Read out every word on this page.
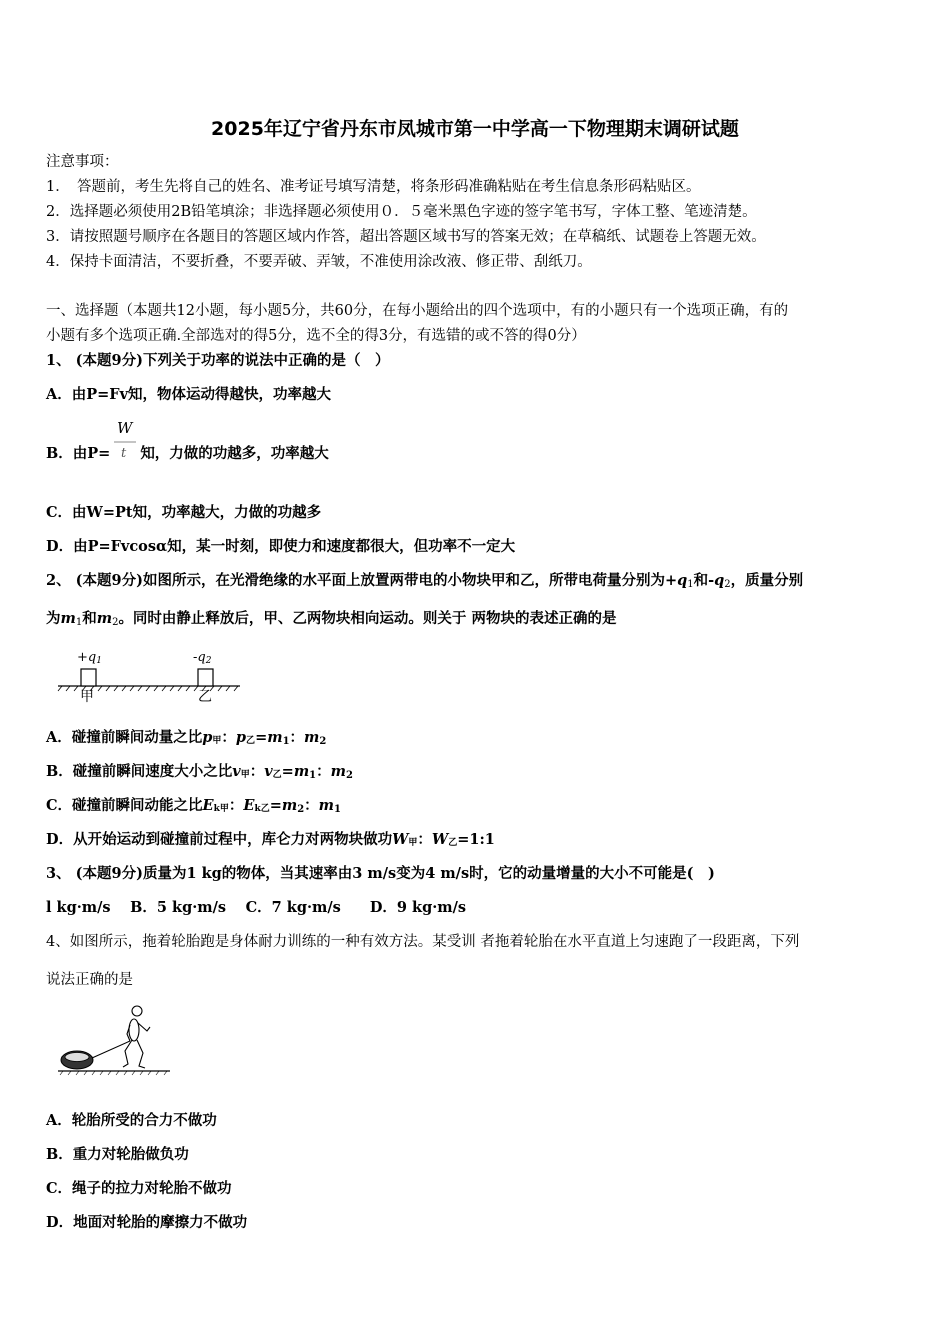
2025年辽宁省丹东市凤城市第一中学高一下物理期末调研试题
注意事项：
1．　答题前，考生先将自己的姓名、准考证号填写清楚，将条形码准确粘贴在考生信息条形码粘贴区。
2．选择题必须使用2B铅笔填涂；非选择题必须使用０．５毫米黑色字迹的签字笔书写，字体工整、笔迹清楚。
3．请按照题号顺序在各题目的答题区域内作答，超出答题区域书写的答案无效；在草稿纸、试题卷上答题无效。
4．保持卡面清洁，不要折叠，不要弄破、弄皱，不准使用涂改液、修正带、刮纸刀。
一、选择题（本题共12小题，每小题5分，共60分，在每小题给出的四个选项中，有的小题只有一个选项正确，有的
小题有多个选项正确.全部选对的得5分，选不全的得3分，有选错的或不答的得0分）
1、 (本题9分)下列关于功率的说法中正确的是（　）
A．由P=Fv知，物体运动得越快，功率越大
B．由P= 知，力做的功越多，功率越大
W
t
C．由W=Pt知，功率越大，力做的功越多
D．由P=Fvcosα知，某一时刻，即使力和速度都很大，但功率不一定大
2、 (本题9分)如图所示，在光滑绝缘的水平面上放置两带电的小物块甲和乙，所带电荷量分别为$+q_1$和$-q_2$，质量分别
为$m_1$和$m_2$。同时由静止释放后，甲、乙两物块相向运动。则关于 两物块的表述正确的是
+q1	-q2
甲	乙
A．碰撞前瞬间动量之比p甲：p乙$=m_1$：$m_2$
B．碰撞前瞬间速度大小之比v甲：v乙$=m_1$：$m_2$
C．碰撞前瞬间动能之比Ek甲：Ek乙$=m_2$：$m_1$
D．从开始运动到碰撞前过程中，库仑力对两物块做功W甲：W乙=1:1
3、 (本题9分)质量为1 kg的物体，当其速率由3 m/s变为4 m/s时，它的动量增量的大小不可能是(　)
l kg·m/s　 B．5 kg·m/s　 C．7 kg·m/s　　D．9 kg·m/s
4、如图所示，拖着轮胎跑是身体耐力训练的一种有效方法。某受训 者拖着轮胎在水平直道上匀速跑了一段距离，下列
说法正确的是
A．轮胎所受的合力不做功
B．重力对轮胎做负功
C．绳子的拉力对轮胎不做功
D．地面对轮胎的摩擦力不做功
